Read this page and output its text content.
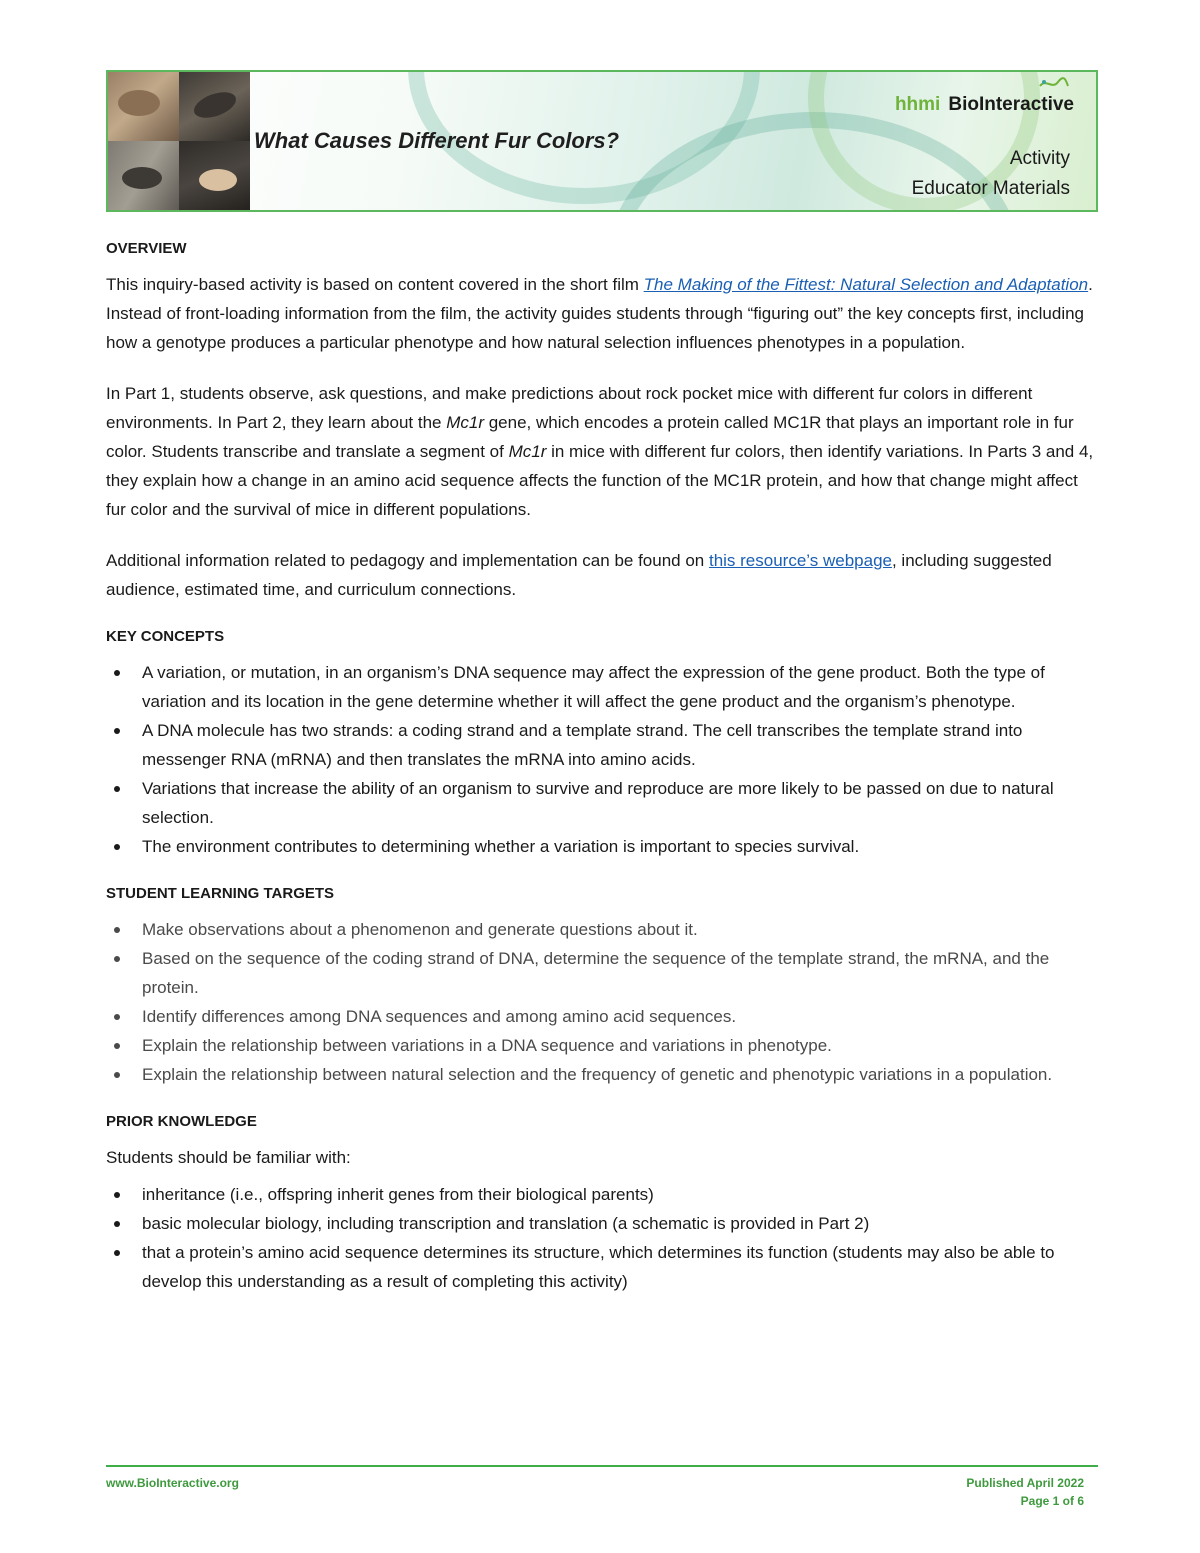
What Causes Different Fur Colors?
hhmi BioInteractive
Activity
Educator Materials
OVERVIEW

This inquiry-based activity is based on content covered in the short film The Making of the Fittest: Natural Selection and Adaptation. Instead of front-loading information from the film, the activity guides students through “figuring out” the key concepts first, including how a genotype produces a particular phenotype and how natural selection influences phenotypes in a population.

In Part 1, students observe, ask questions, and make predictions about rock pocket mice with different fur colors in different environments. In Part 2, they learn about the Mc1r gene, which encodes a protein called MC1R that plays an important role in fur color. Students transcribe and translate a segment of Mc1r in mice with different fur colors, then identify variations. In Parts 3 and 4, they explain how a change in an amino acid sequence affects the function of the MC1R protein, and how that change might affect fur color and the survival of mice in different populations.

Additional information related to pedagogy and implementation can be found on this resource’s webpage, including suggested audience, estimated time, and curriculum connections.

KEY CONCEPTS
A variation, or mutation, in an organism’s DNA sequence may affect the expression of the gene product. Both the type of variation and its location in the gene determine whether it will affect the gene product and the organism’s phenotype.
A DNA molecule has two strands: a coding strand and a template strand. The cell transcribes the template strand into messenger RNA (mRNA) and then translates the mRNA into amino acids.
Variations that increase the ability of an organism to survive and reproduce are more likely to be passed on due to natural selection.
The environment contributes to determining whether a variation is important to species survival.
STUDENT LEARNING TARGETS
Make observations about a phenomenon and generate questions about it.
Based on the sequence of the coding strand of DNA, determine the sequence of the template strand, the mRNA, and the protein.
Identify differences among DNA sequences and among amino acid sequences.
Explain the relationship between variations in a DNA sequence and variations in phenotype.
Explain the relationship between natural selection and the frequency of genetic and phenotypic variations in a population.
PRIOR KNOWLEDGE

Students should be familiar with:

inheritance (i.e., offspring inherit genes from their biological parents)
basic molecular biology, including transcription and translation (a schematic is provided in Part 2)
that a protein’s amino acid sequence determines its structure, which determines its function (students may also be able to develop this understanding as a result of completing this activity)
www.BioInteractive.org	Published April 2022
Page 1 of 6
